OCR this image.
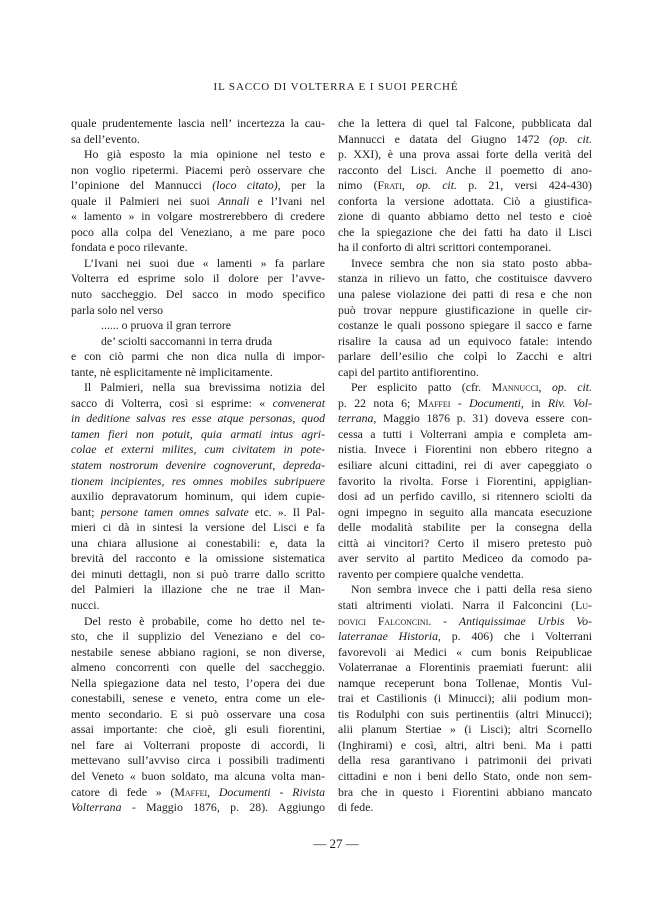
IL SACCO DI VOLTERRA E I SUOI PERCHÉ
quale prudentemente lascia nell’ incertezza la cau-
sa dell’evento.
Ho già esposto la mia opinione nel testo e
non voglio ripetermi. Piacemi però osservare che
l’opinione del Mannucci (loco citato), per la
quale il Palmieri nei suoi Annali e l’Ivani nel
« lamento » in volgare mostrerebbero di credere
poco alla colpa del Veneziano, a me pare poco
fondata e poco rilevante.
L’Ivani nei suoi due « lamenti » fa parlare
Volterra ed esprime solo il dolore per l’avve-
nuto saccheggio. Del sacco in modo specifico
parla solo nel verso
...... o pruova il gran terrore
de’ sciolti saccomanni in terra druda
e con ciò parmi che non dica nulla di impor-
tante, nè esplicitamente nè implicitamente.
Il Palmieri, nella sua brevissima notizia del
sacco di Volterra, così si esprime: « convenerat
in deditione salvas res esse atque personas, quod
tamen fieri non potuit, quia armati intus agri-
colae et externi milites, cum civitatem in pote-
statem nostrorum devenire cognoverunt, depreda-
tionem incipientes, res omnes mobiles subripuere
auxilio depravatorum hominum, qui idem cupie-
bant; persone tamen omnes salvate etc. ». Il Pal-
mieri ci dà in sintesi la versione del Lisci e fa
una chiara allusione ai conestabili: e, data la
brevità del racconto e la omissione sistematica
dei minuti dettagli, non si può trarre dallo scritto
del Palmieri la illazione che ne trae il Man-
nucci.
Del resto è probabile, come ho detto nel te-
sto, che il supplizio del Veneziano e del co-
nestabile senese abbiano ragioni, se non diverse,
almeno concorrenti con quelle del saccheggio.
Nella spiegazione data nel testo, l’opera dei due
conestabili, senese e veneto, entra come un ele-
mento secondario. E si può osservare una cosa
assai importante: che cioè, gli esuli fiorentini,
nel fare ai Volterrani proposte di accordi, li
mettevano sull’avviso circa i possibili tradimenti
del Veneto « buon soldato, ma alcuna volta man-
catore di fede » (Maffei, Documenti - Rivista
Volterrana - Maggio 1876, p. 28). Aggiungo
che la lettera di quel tal Falcone, pubblicata dal
Mannucci e datata del Giugno 1472 (op. cit.
p. XXI), è una prova assai forte della verità del
racconto del Lisci. Anche il poemetto di ano-
nimo (Frati, op. cit. p. 21, versi 424-430)
conforta la versione adottata. Ciò a giustifica-
zione di quanto abbiamo detto nel testo e cioè
che la spiegazione che dei fatti ha dato il Lisci
ha il conforto di altri scrittori contemporanei.
Invece sembra che non sia stato posto abba-
stanza in rilievo un fatto, che costituisce davvero
una palese violazione dei patti di resa e che non
può trovar neppure giustificazione in quelle cir-
costanze le quali possono spiegare il sacco e farne
risalire la causa ad un equivoco fatale: intendo
parlare dell’esilio che colpì lo Zacchi e altri
capi del partito antifiorentino.
Per esplicito patto (cfr. Mannucci, op. cit.
p. 22 nota 6; Maffei - Documenti, in Riv. Vol-
terrana, Maggio 1876 p. 31) doveva essere con-
cessa a tutti i Volterrani ampia e completa am-
nistia. Invece i Fiorentini non ebbero ritegno a
esiliare alcuni cittadini, rei di aver capeggiato o
favorito la rivolta. Forse i Fiorentini, appiglian-
dosi ad un perfido cavillo, si ritennero sciolti da
ogni impegno in seguito alla mancata esecuzione
delle modalità stabilite per la consegna della
città ai vincitori? Certo il misero pretesto può
aver servito al partito Mediceo da comodo pa-
ravento per compiere qualche vendetta.
Non sembra invece che i patti della resa sieno
stati altrimenti violati. Narra il Falconcini (Lu-
dovici Falconcini. - Antiquissimae Urbis Vo-
laterranae Historia, p. 406) che i Volterrani
favorevoli ai Medici « cum bonis Reipublicae
Volaterranae a Florentinis praemiati fuerunt: alii
namque receperunt bona Tollenae, Montis Vul-
trai et Castilionis (i Minucci); alii podium mon-
tis Rodulphi con suis pertinentiis (altri Minucci);
alii planum Stertiae » (i Lisci); altri Scornello
(Inghirami) e così, altri, altri beni. Ma i patti
della resa garantivano i patrimonii dei privati
cittadini e non i beni dello Stato, onde non sem-
bra che in questo i Fiorentini abbiano mancato
di fede.
— 27 —
